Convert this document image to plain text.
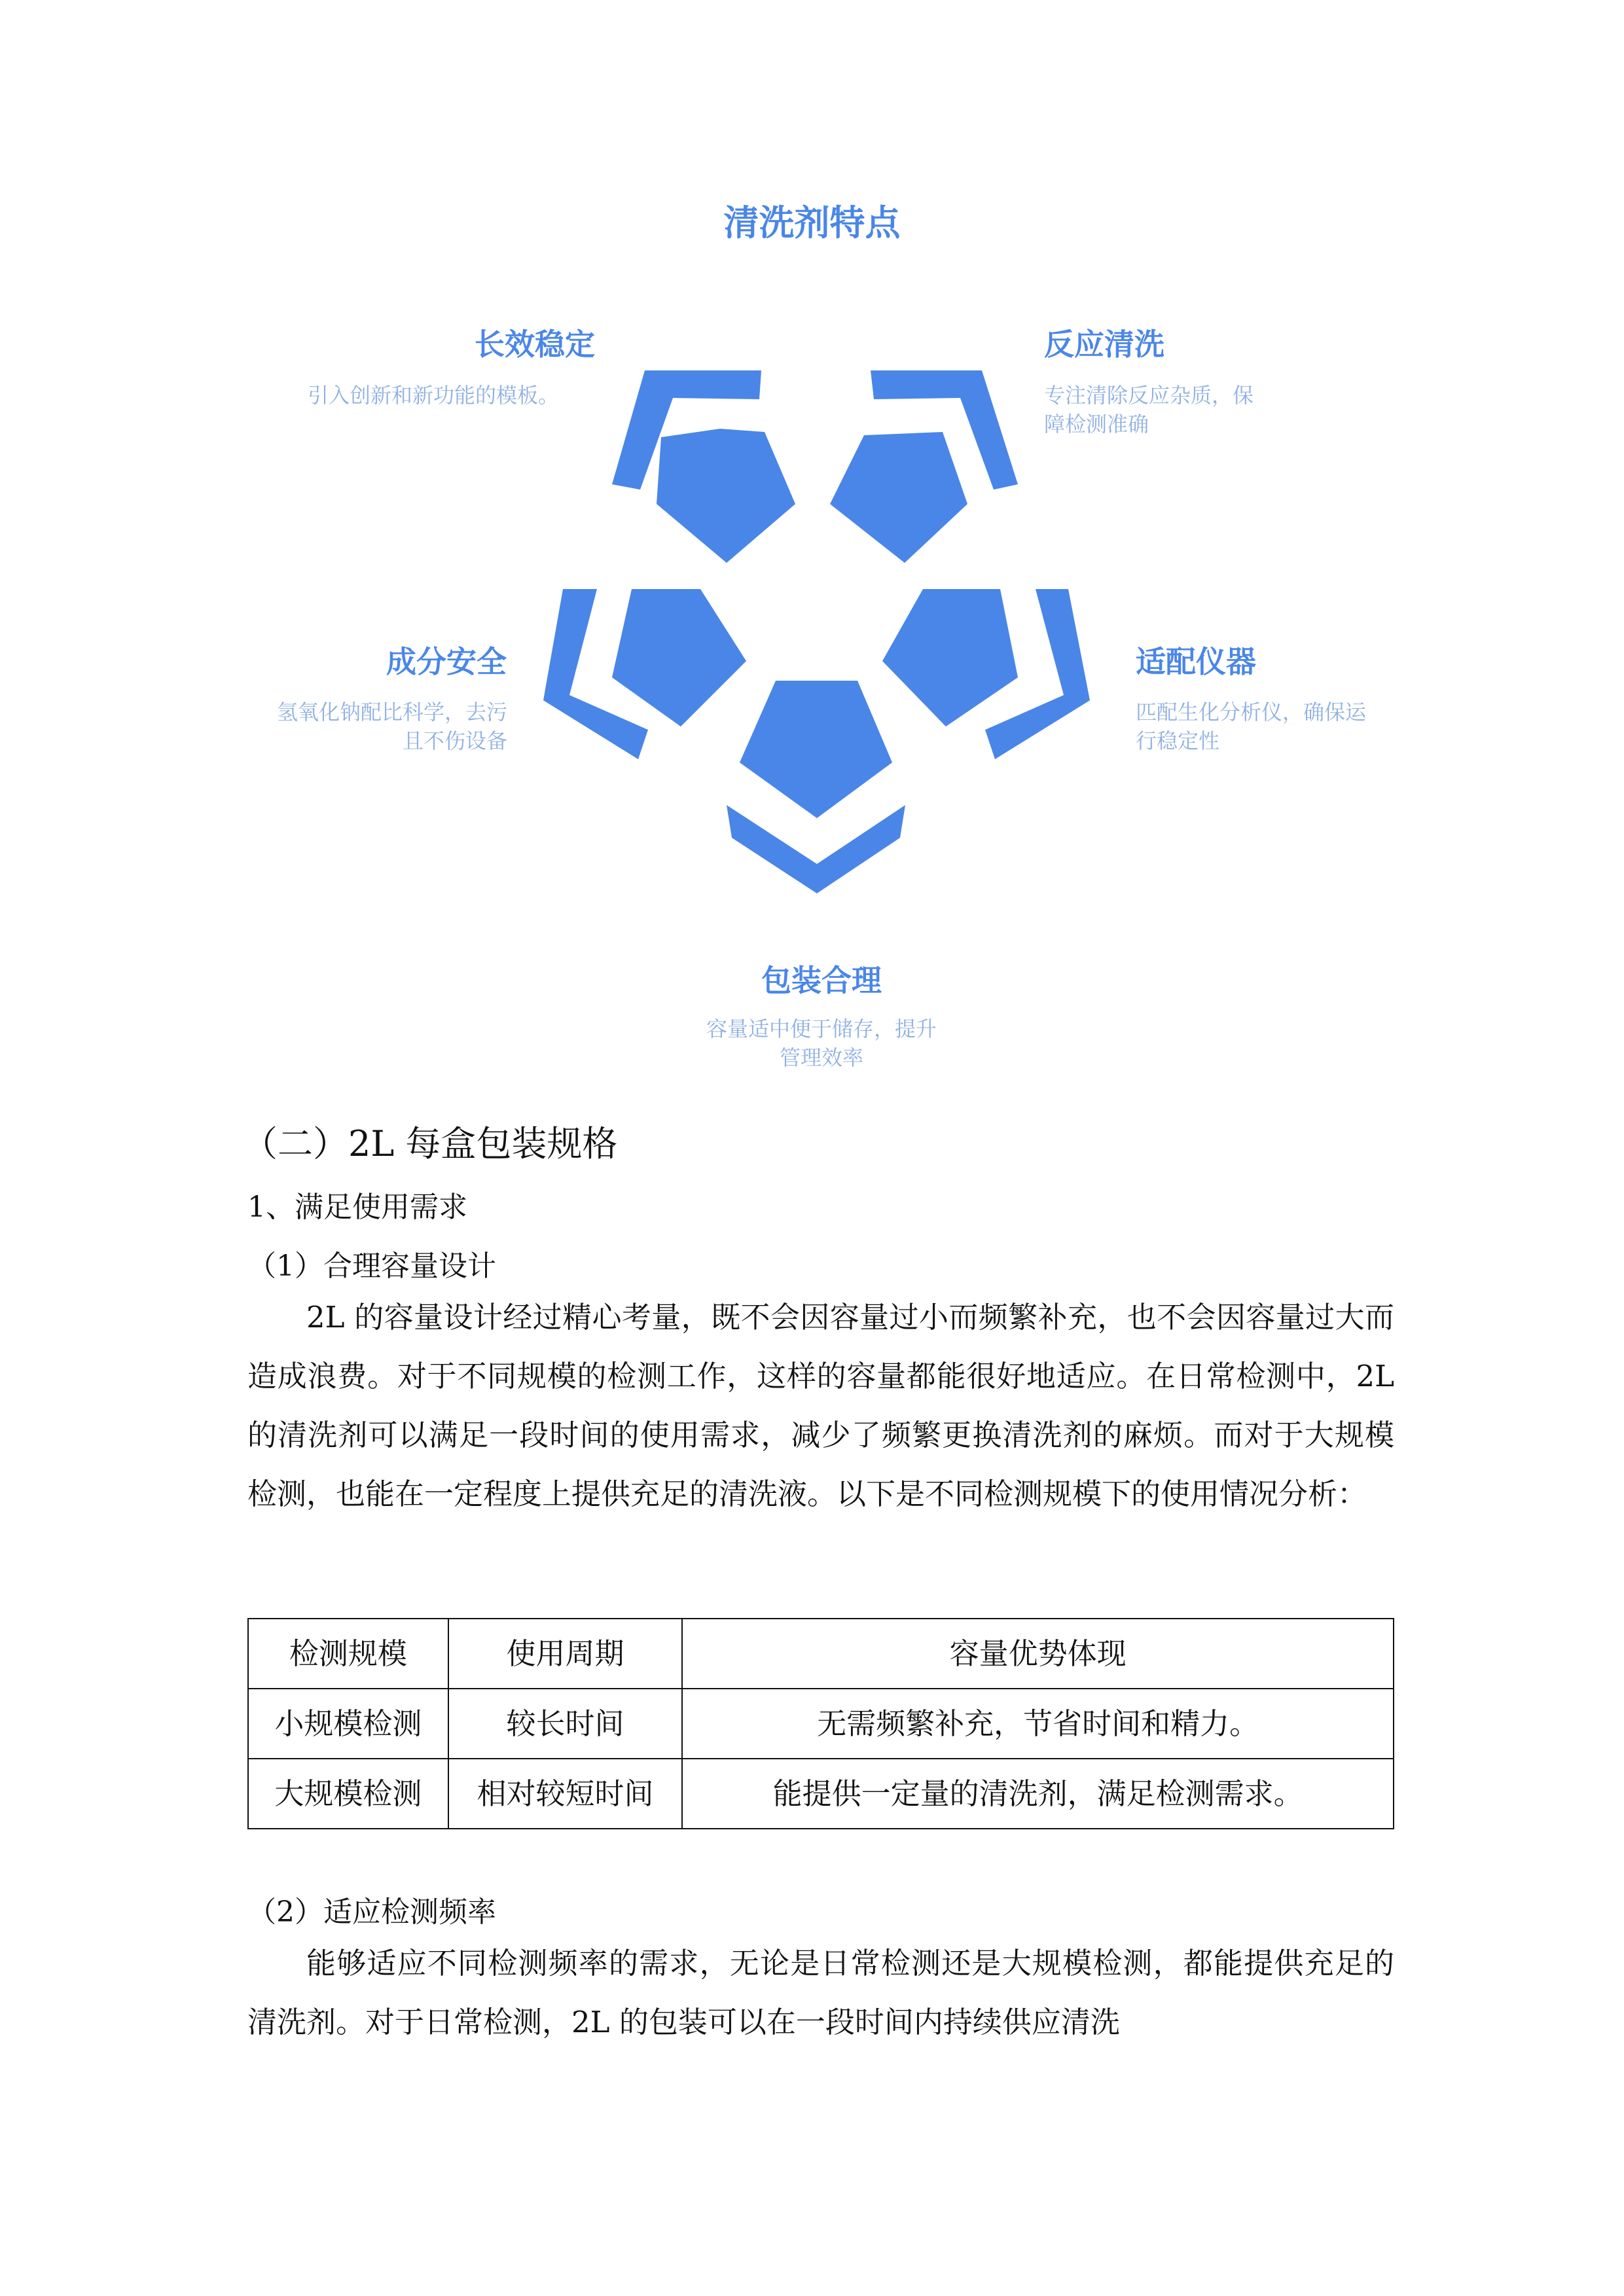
清洗剂特点
长效稳定
引入创新和新功能的模板。
反应清洗
专注清除反应杂质，保障检测准确
成分安全
氢氧化钠配比科学，去污且不伤设备
适配仪器
匹配生化分析仪，确保运行稳定性
包装合理
容量适中便于储存，提升管理效率
（二）2L 每盒包装规格
1、满足使用需求
（1）合理容量设计
2L 的容量设计经过精心考量，既不会因容量过小而频繁补充，也不会因容量过大而造成浪费。对于不同规模的检测工作，这样的容量都能很好地适应。在日常检测中，2L 的清洗剂可以满足一段时间的使用需求，减少了频繁更换清洗剂的麻烦。而对于大规模检测，也能在一定程度上提供充足的清洗液。以下是不同检测规模下的使用情况分析：
检测规模	使用周期	容量优势体现
小规模检测	较长时间	无需频繁补充，节省时间和精力。
大规模检测	相对较短时间	能提供一定量的清洗剂，满足检测需求。
（2）适应检测频率
能够适应不同检测频率的需求，无论是日常检测还是大规模检测，都能提供充足的清洗剂。对于日常检测，2L 的包装可以在一段时间内持续供应清洗
